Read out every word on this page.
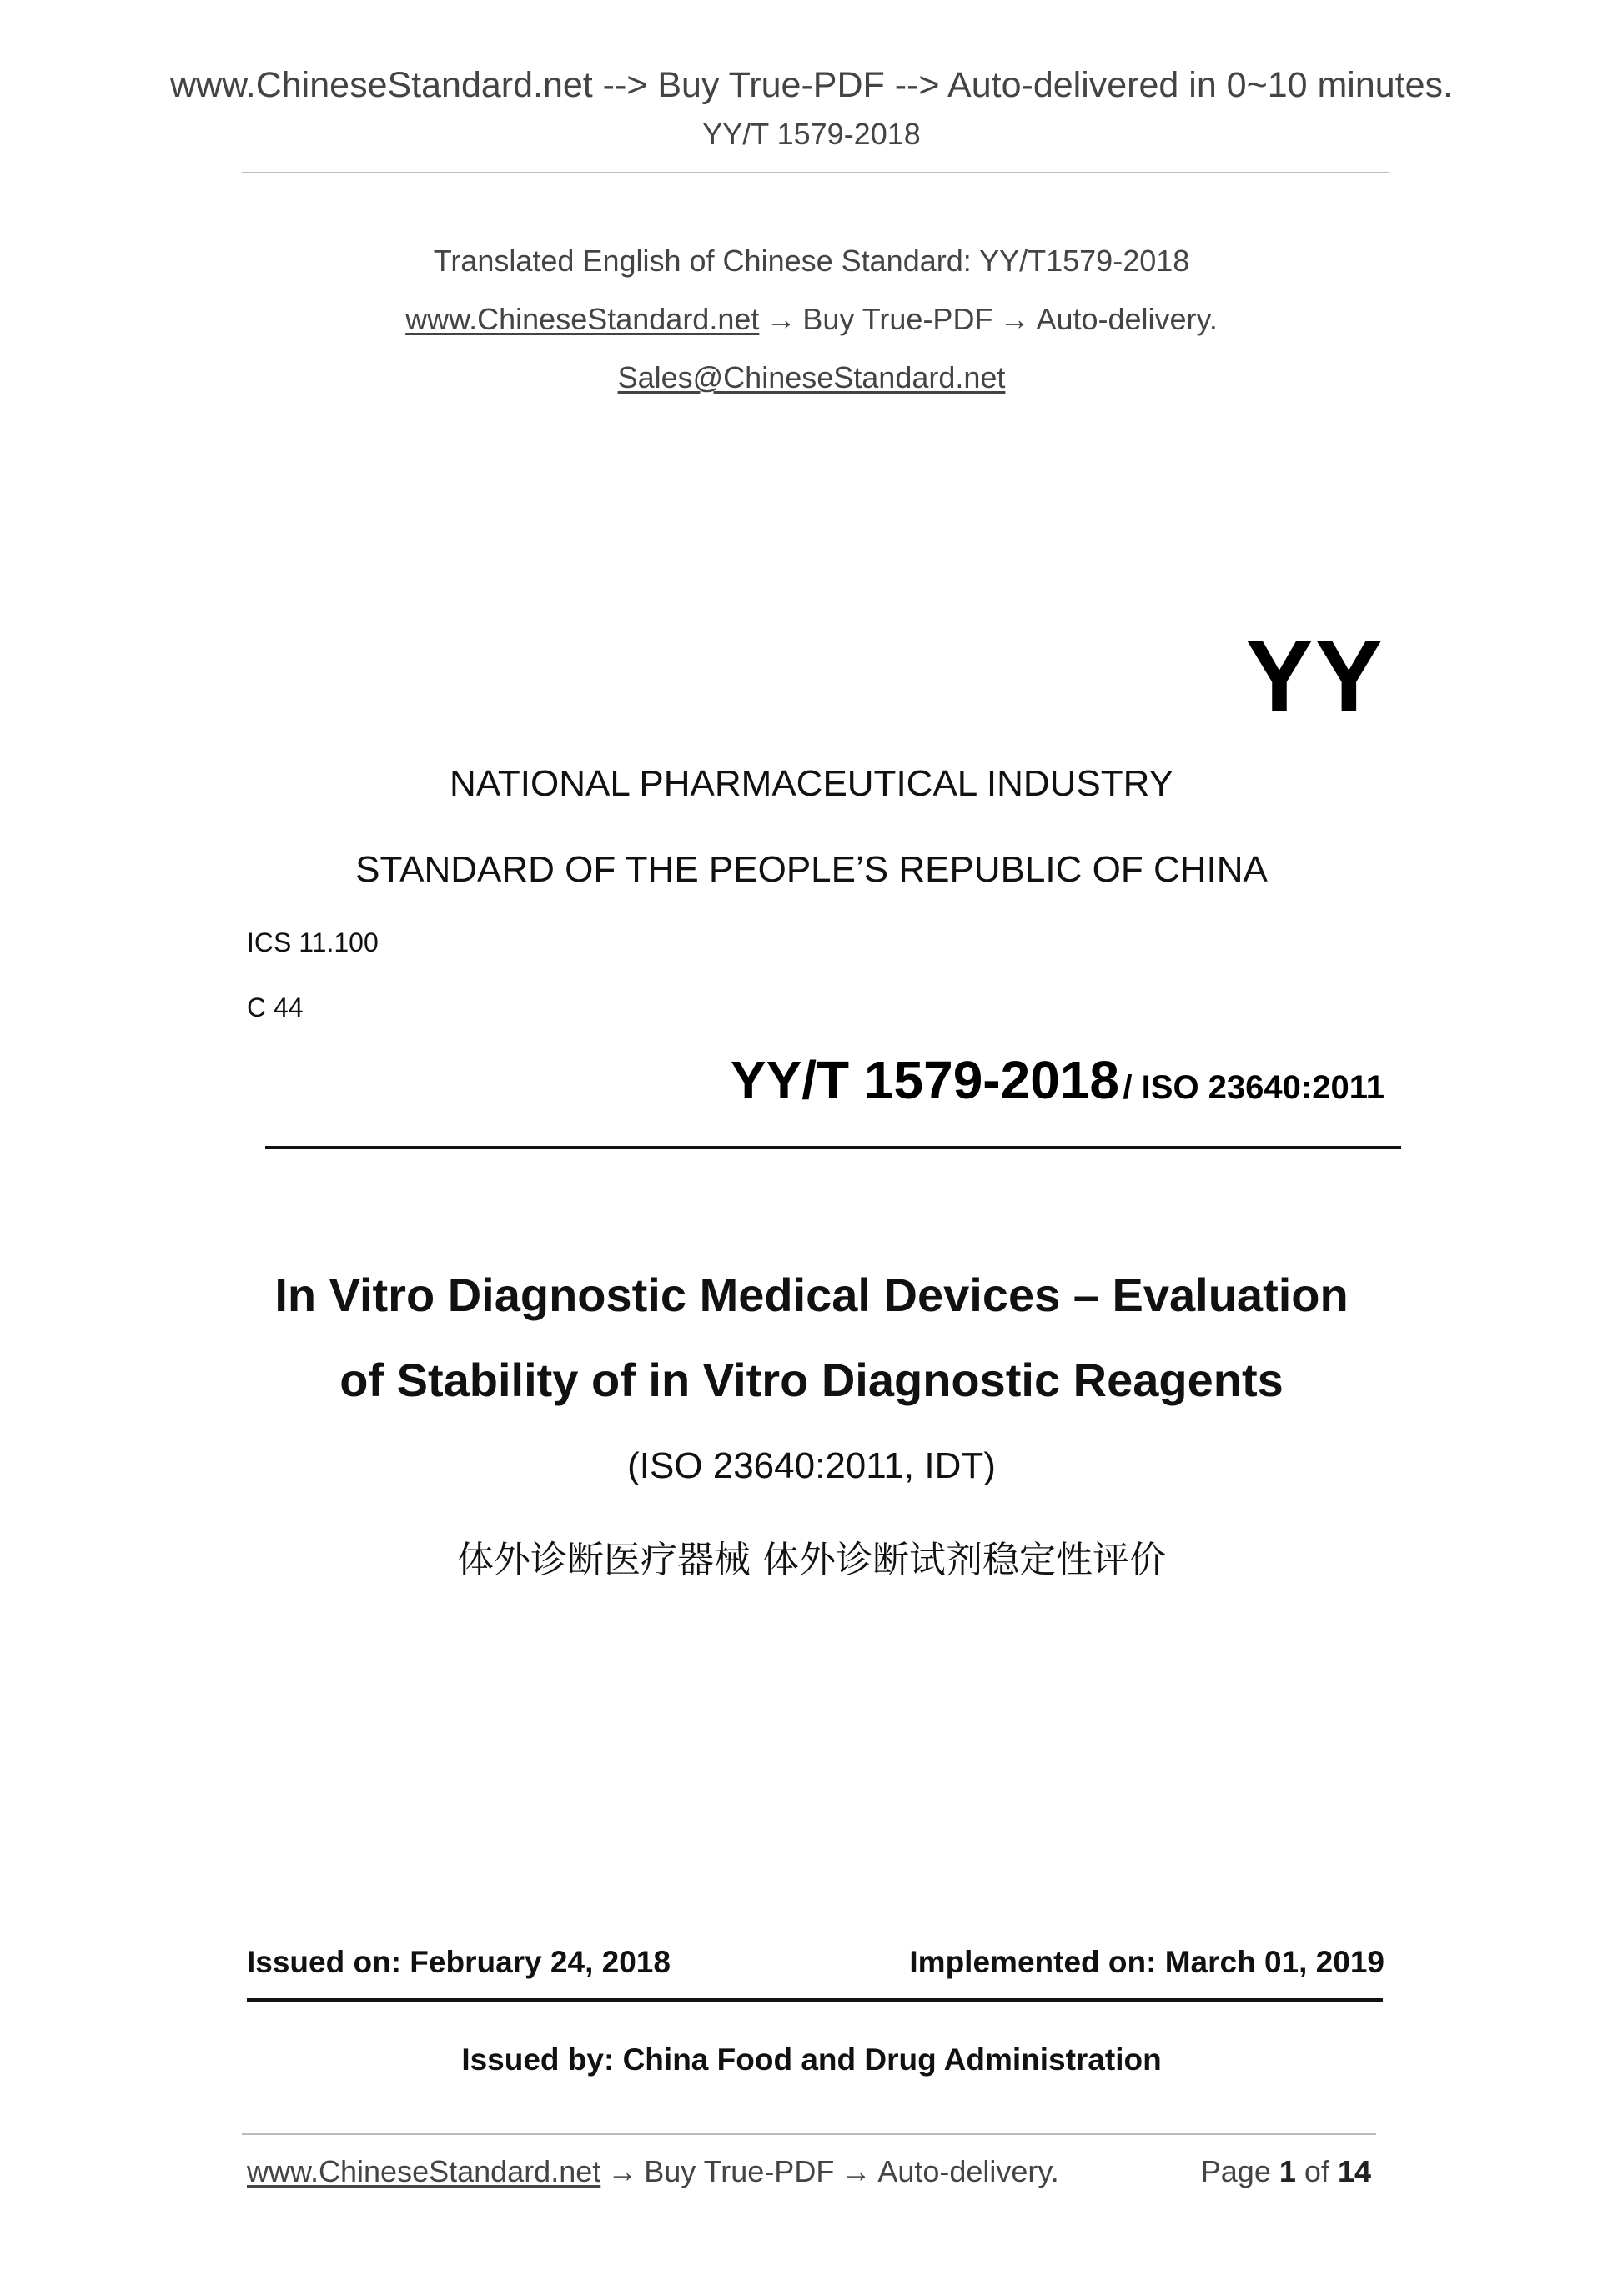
www.ChineseStandard.net --> Buy True-PDF --> Auto-delivered in 0~10 minutes.
YY/T 1579-2018
Translated English of Chinese Standard: YY/T1579-2018
www.ChineseStandard.net → Buy True-PDF → Auto-delivery.
Sales@ChineseStandard.net
YY
NATIONAL PHARMACEUTICAL INDUSTRY
STANDARD OF THE PEOPLE’S REPUBLIC OF CHINA
ICS 11.100
C 44
YY/T 1579-2018 / ISO 23640:2011
In Vitro Diagnostic Medical Devices – Evaluation
of Stability of in Vitro Diagnostic Reagents
(ISO 23640:2011, IDT)
体外诊断医疗器械 体外诊断试剂稳定性评价
Issued on: February 24, 2018	Implemented on: March 01, 2019
Issued by: China Food and Drug Administration
www.ChineseStandard.net → Buy True-PDF → Auto-delivery.	Page 1 of 14
